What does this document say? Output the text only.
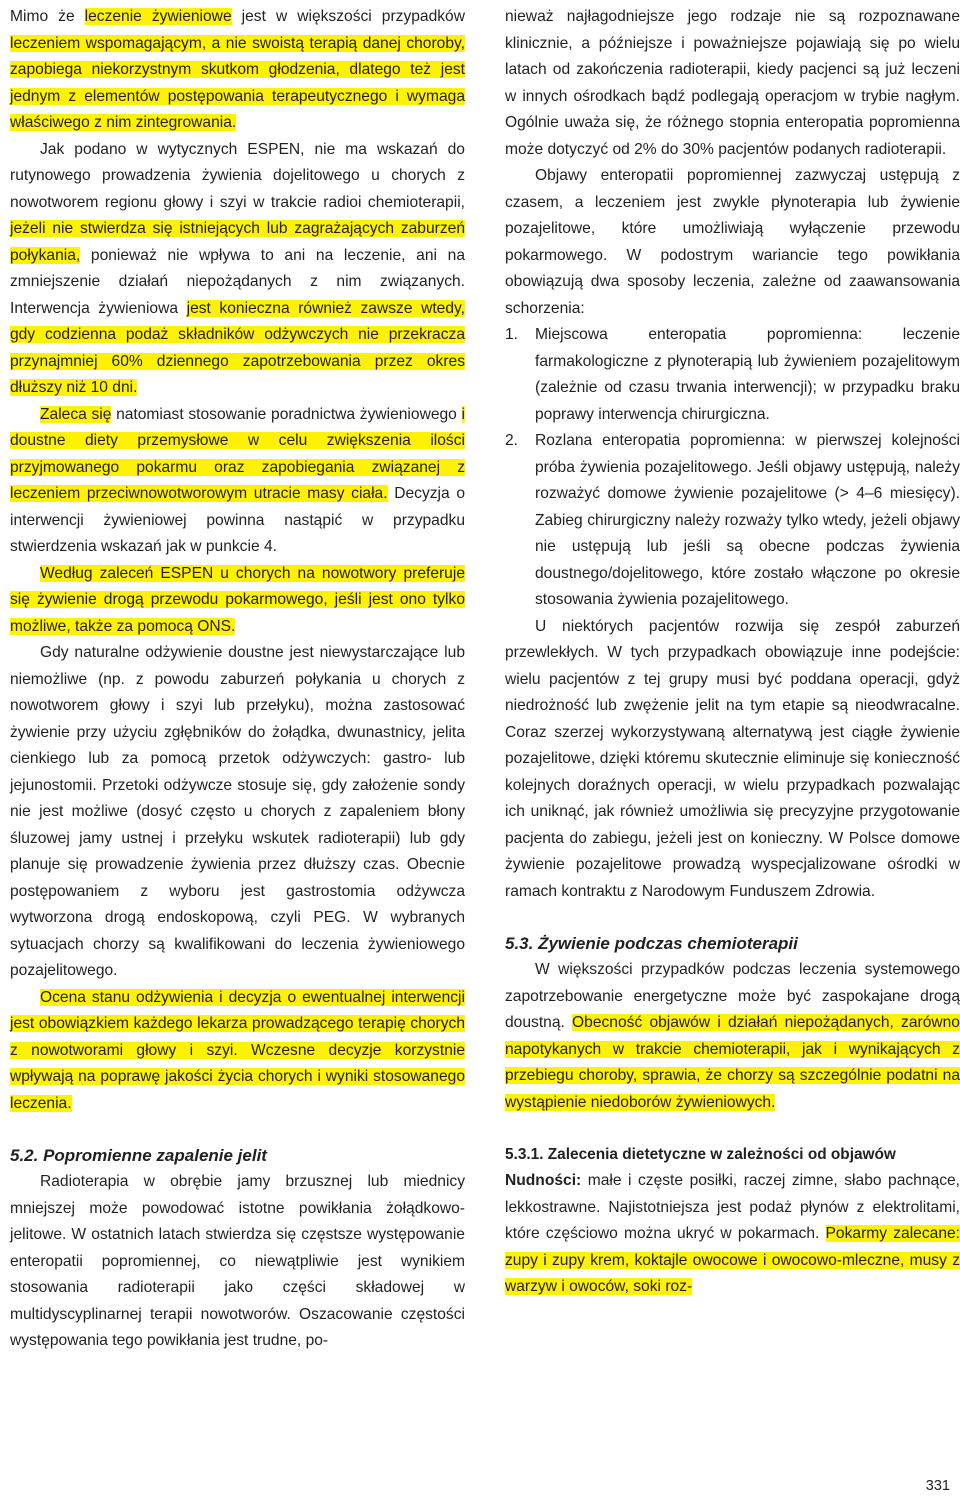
Mimo że leczenie żywieniowe jest w większości przypadków leczeniem wspomagającym, a nie swoistą terapią danej choroby, zapobiega niekorzystnym skutkom głodzenia, dlatego też jest jednym z elementów postępowania terapeutycznego i wymaga właściwego z nim zintegrowania.

Jak podano w wytycznych ESPEN, nie ma wskazań do rutynowego prowadzenia żywienia dojelitowego u chorych z nowotworem regionu głowy i szyi w trakcie radioi chemioterapii, jeżeli nie stwierdza się istniejących lub zagrażających zaburzeń połykania, ponieważ nie wpływa to ani na leczenie, ani na zmniejszenie działań niepożądanych z nim związanych. Interwencja żywieniowa jest konieczna również zawsze wtedy, gdy codzienna podaż składników odżywczych nie przekracza przynajmniej 60% dziennego zapotrzebowania przez okres dłuższy niż 10 dni.

Zaleca się natomiast stosowanie poradnictwa żywieniowego i doustne diety przemysłowe w celu zwiększenia ilości przyjmowanego pokarmu oraz zapobiegania związanej z leczeniem przeciwnowotworowym utracie masy ciała. Decyzja o interwencji żywieniowej powinna nastąpić w przypadku stwierdzenia wskazań jak w punkcie 4.

Według zaleceń ESPEN u chorych na nowotwory preferuje się żywienie drogą przewodu pokarmowego, jeśli jest ono tylko możliwe, także za pomocą ONS.

Gdy naturalne odżywienie doustne jest niewystarczające lub niemożliwe (np. z powodu zaburzeń połykania u chorych z nowotworem głowy i szyi lub przełyku), można zastosować żywienie przy użyciu zgłębników do żołądka, dwunastnicy, jelita cienkiego lub za pomocą przetok odżywczych: gastro- lub jejunostomii. Przetoki odżywcze stosuje się, gdy założenie sondy nie jest możliwe (dosyć często u chorych z zapaleniem błony śluzowej jamy ustnej i przełyku wskutek radioterapii) lub gdy planuje się prowadzenie żywienia przez dłuższy czas. Obecnie postępowaniem z wyboru jest gastrostomia odżywcza wytworzona drogą endoskopową, czyli PEG. W wybranych sytuacjach chorzy są kwalifikowani do leczenia żywieniowego pozajelitowego.

Ocena stanu odżywienia i decyzja o ewentualnej interwencji jest obowiązkiem każdego lekarza prowadzącego terapię chorych z nowotworami głowy i szyi. Wczesne decyzje korzystnie wpływają na poprawę jakości życia chorych i wyniki stosowanego leczenia.

5.2. Popromienne zapalenie jelit

Radioterapia w obrębie jamy brzusznej lub miednicy mniejszej może powodować istotne powikłania żołądkowo-jelitowe. W ostatnich latach stwierdza się częstsze występowanie enteropatii popromiennej, co niewątpliwie jest wynikiem stosowania radioterapii jako części składowej w multidyscyplinarnej terapii nowotworów. Oszacowanie częstości występowania tego powikłania jest trudne, po-

nieważ najłagodniejsze jego rodzaje nie są rozpoznawane klinicznie, a późniejsze i poważniejsze pojawiają się po wielu latach od zakończenia radioterapii, kiedy pacjenci są już leczeni w innych ośrodkach bądź podlegają operacjom w trybie nagłym. Ogólnie uważa się, że różnego stopnia enteropatia popromienna może dotyczyć od 2% do 30% pacjentów podanych radioterapii.

Objawy enteropatii popromiennej zazwyczaj ustępują z czasem, a leczeniem jest zwykle płynoterapia lub żywienie pozajelitowe, które umożliwiają wyłączenie przewodu pokarmowego. W podostrym wariancie tego powikłania obowiązują dwa sposoby leczenia, zależne od zaawansowania schorzenia:

1. Miejscowa enteropatia popromienna: leczenie farmakologiczne z płynoterapią lub żywieniem pozajelitowym (zależnie od czasu trwania interwencji); w przypadku braku poprawy interwencja chirurgiczna.
2. Rozlana enteropatia popromienna: w pierwszej kolejności próba żywienia pozajelitowego. Jeśli objawy ustępują, należy rozważyć domowe żywienie pozajelitowe (> 4–6 miesięcy). Zabieg chirurgiczny należy rozważy tylko wtedy, jeżeli objawy nie ustępują lub jeśli są obecne podczas żywienia doustnego/dojelitowego, które zostało włączone po okresie stosowania żywienia pozajelitowego.

U niektórych pacjentów rozwija się zespół zaburzeń przewlekłych. W tych przypadkach obowiązuje inne podejście: wielu pacjentów z tej grupy musi być poddana operacji, gdyż niedrożność lub zwężenie jelit na tym etapie są nieodwracalne. Coraz szerzej wykorzystywaną alternatywą jest ciągłe żywienie pozajelitowe, dzięki któremu skutecznie eliminuje się konieczność kolejnych doraźnych operacji, w wielu przypadkach pozwalając ich uniknąć, jak również umożliwia się precyzyjne przygotowanie pacjenta do zabiegu, jeżeli jest on konieczny. W Polsce domowe żywienie pozajelitowe prowadzą wyspecjalizowane ośrodki w ramach kontraktu z Narodowym Funduszem Zdrowia.

5.3. Żywienie podczas chemioterapii

W większości przypadków podczas leczenia systemowego zapotrzebowanie energetyczne może być zaspokajane drogą doustną. Obecność objawów i działań niepożądanych, zarówno napotykanych w trakcie chemioterapii, jak i wynikających z przebiegu choroby, sprawia, że chorzy są szczególnie podatni na wystąpienie niedoborów żywieniowych.

5.3.1. Zalecenia dietetyczne w zależności od objawów

Nudności: małe i częste posiłki, raczej zimne, słabo pachnące, lekkostrawne. Najistotniejsza jest podaż płynów z elektrolitami, które częściowo można ukryć w pokarmach. Pokarmy zalecane: zupy i zupy krem, koktajle owocowe i owocowo-mleczne, musy z warzyw i owoców, soki roz-

331
